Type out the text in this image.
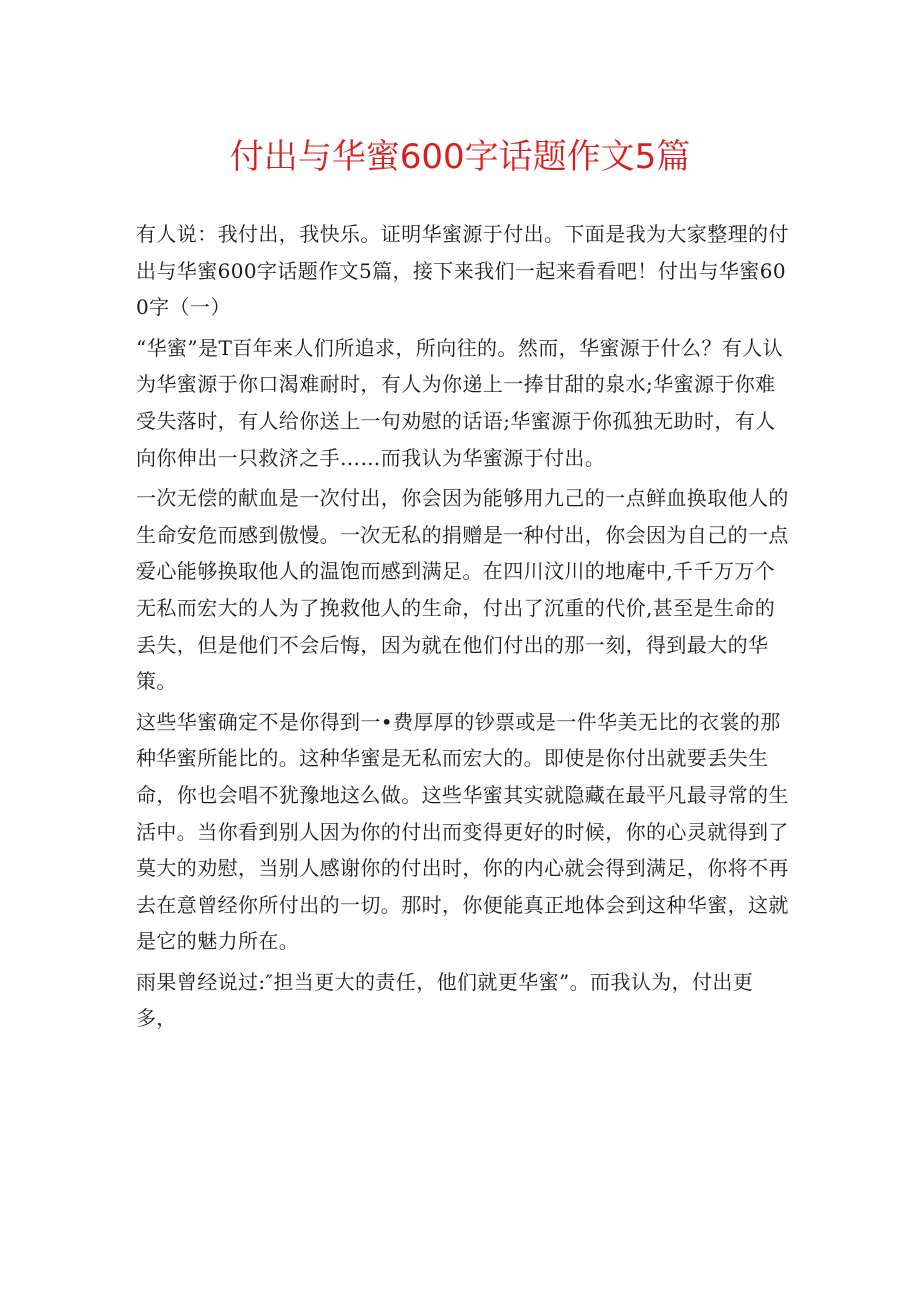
付出与华蜜600字话题作文5篇

有人说：我付出，我快乐。证明华蜜源于付出。下面是我为大家整理的付出与华蜜600字话题作文5篇，接下来我们一起来看看吧！付出与华蜜600字（一）

“华蜜”是T百年来人们所追求，所向往的。然而，华蜜源于什么？有人认为华蜜源于你口渴难耐时，有人为你递上一捧甘甜的泉水;华蜜源于你难受失落时，有人给你送上一句劝慰的话语;华蜜源于你孤独无助时，有人向你伸出一只救济之手……而我认为华蜜源于付出。

一次无偿的献血是一次付出，你会因为能够用九己的一点鲜血换取他人的生命安危而感到傲慢。一次无私的捐赠是一种付出，你会因为自己的一点爱心能够换取他人的温饱而感到满足。在四川汶川的地庵中,千千万万个无私而宏大的人为了挽救他人的生命，付出了沉重的代价,甚至是生命的丢失，但是他们不会后悔，因为就在他们付出的那一刻，得到最大的华策。

这些华蜜确定不是你得到一•费厚厚的钞票或是一件华美无比的衣裳的那种华蜜所能比的。这种华蜜是无私而宏大的。即使是你付出就要丢失生命，你也会唱不犹豫地这么做。这些华蜜其实就隐藏在最平凡最寻常的生活中。当你看到别人因为你的付出而变得更好的时候，你的心灵就得到了莫大的劝慰，当别人感谢你的付出时，你的内心就会得到满足，你将不再去在意曾经你所付出的一切。那时，你便能真正地体会到这种华蜜，这就是它的魅力所在。

雨果曾经说过:″担当更大的责任，他们就更华蜜”。而我认为，付出更多，
